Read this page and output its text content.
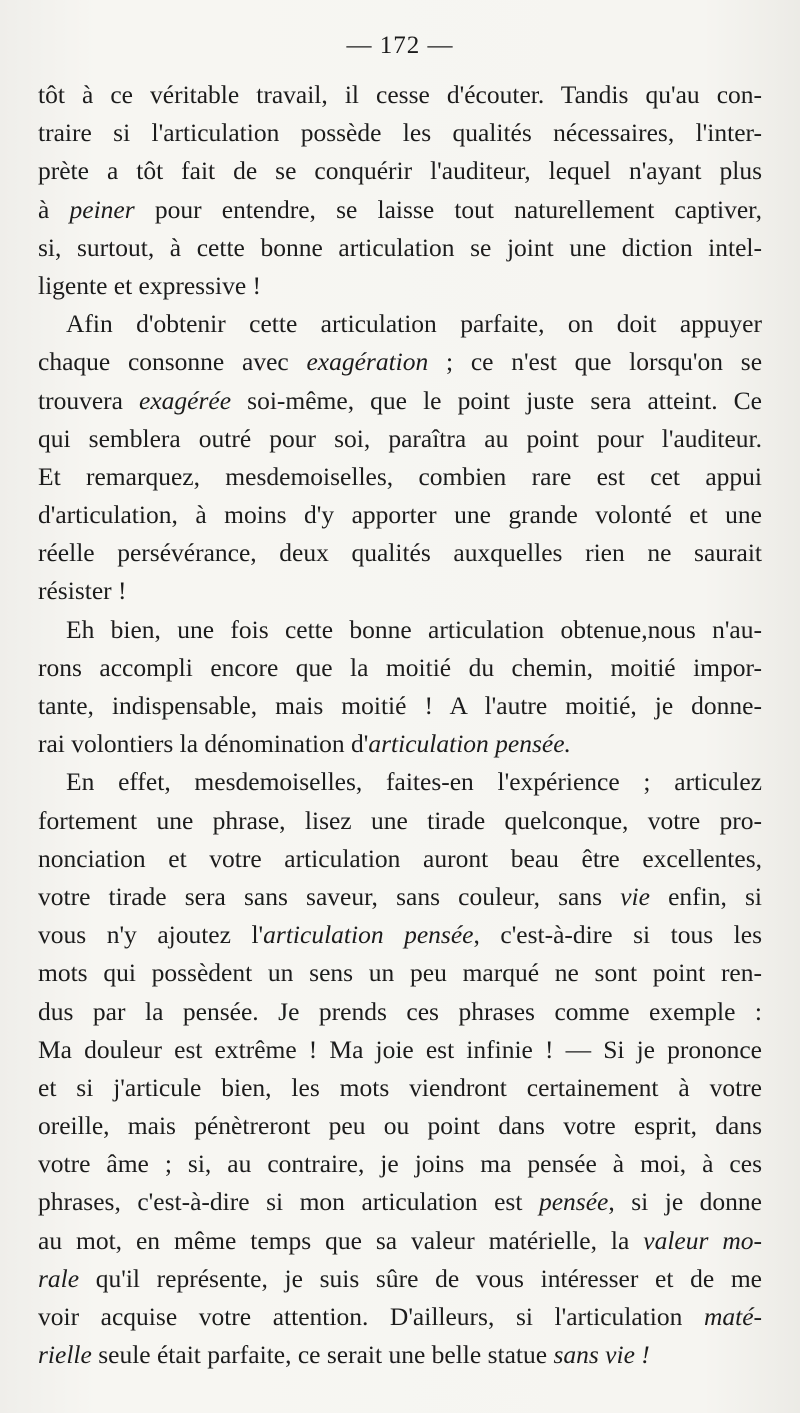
— 172 —
tôt à ce véritable travail, il cesse d'écouter. Tandis qu'au con-
traire si l'articulation possède les qualités nécessaires, l'inter-
prète a tôt fait de se conquérir l'auditeur, lequel n'ayant plus
à peiner pour entendre, se laisse tout naturellement captiver,
si, surtout, à cette bonne articulation se joint une diction intel-
ligente et expressive !
Afin d'obtenir cette articulation parfaite, on doit appuyer
chaque consonne avec exagération ; ce n'est que lorsqu'on se
trouvera exagérée soi-même, que le point juste sera atteint. Ce
qui semblera outré pour soi, paraîtra au point pour l'auditeur.
Et remarquez, mesdemoiselles, combien rare est cet appui
d'articulation, à moins d'y apporter une grande volonté et une
réelle persévérance, deux qualités auxquelles rien ne saurait
résister !
Eh bien, une fois cette bonne articulation obtenue,nous n'au-
rons accompli encore que la moitié du chemin, moitié impor-
tante, indispensable, mais moitié ! A l'autre moitié, je donne-
rai volontiers la dénomination d'articulation pensée.
En effet, mesdemoiselles, faites-en l'expérience ; articulez
fortement une phrase, lisez une tirade quelconque, votre pro-
nonciation et votre articulation auront beau être excellentes,
votre tirade sera sans saveur, sans couleur, sans vie enfin, si
vous n'y ajoutez l'articulation pensée, c'est-à-dire si tous les
mots qui possèdent un sens un peu marqué ne sont point ren-
dus par la pensée. Je prends ces phrases comme exemple :
Ma douleur est extrême ! Ma joie est infinie ! — Si je prononce
et si j'articule bien, les mots viendront certainement à votre
oreille, mais pénètreront peu ou point dans votre esprit, dans
votre âme ; si, au contraire, je joins ma pensée à moi, à ces
phrases, c'est-à-dire si mon articulation est pensée, si je donne
au mot, en même temps que sa valeur matérielle, la valeur mo-
rale qu'il représente, je suis sûre de vous intéresser et de me
voir acquise votre attention. D'ailleurs, si l'articulation maté-
rielle seule était parfaite, ce serait une belle statue sans vie !
